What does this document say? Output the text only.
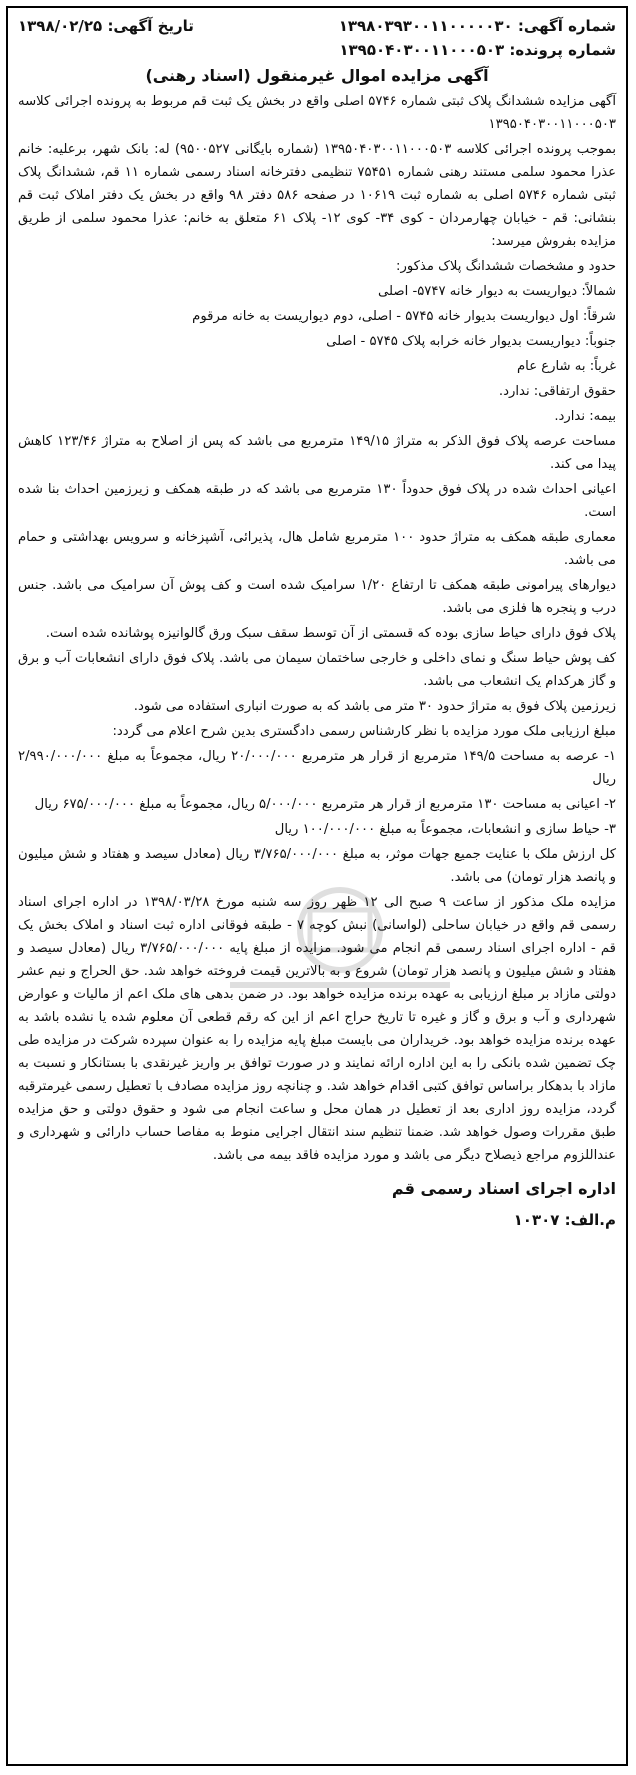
شماره آگهی: ۱۳۹۸۰۳۹۳۰۰۱۱۰۰۰۰۰۳۰
تاریخ آگهی: ۱۳۹۸/۰۲/۲۵
شماره پرونده: ۱۳۹۵۰۴۰۳۰۰۱۱۰۰۰۵۰۳
آگهی مزایده اموال غیرمنقول (اسناد رهنی)

آگهی مزایده ششدانگ پلاک ثبتی شماره ۵۷۴۶ اصلی واقع در بخش یک ثبت قم مربوط به پرونده اجرائی کلاسه ۱۳۹۵۰۴۰۳۰۰۱۱۰۰۰۵۰۳

بموجب پرونده اجرائی کلاسه ۱۳۹۵۰۴۰۳۰۰۱۱۰۰۰۵۰۳ (شماره بایگانی ۹۵۰۰۵۲۷) له: بانک شهر، برعلیه: خانم عذرا محمود سلمی مستند رهنی شماره ۷۵۴۵۱ تنظیمی دفترخانه اسناد رسمی شماره ۱۱ قم، ششدانگ پلاک ثبتی شماره ۵۷۴۶ اصلی به شماره ثبت ۱۰۶۱۹ در صفحه ۵۸۶ دفتر ۹۸ واقع در بخش یک دفتر املاک ثبت قم بنشانی: قم - خیابان چهارمردان - کوی ۳۴- کوی ۱۲- پلاک ۶۱ متعلق به خانم: عذرا محمود سلمی از طریق مزایده بفروش میرسد:

حدود و مشخصات ششدانگ پلاک مذکور:

شمالاً: دیواریست به دیوار خانه ۵۷۴۷- اصلی

شرقاً: اول دیواریست بدیوار خانه ۵۷۴۵ - اصلی، دوم دیواریست به خانه مرقوم

جنوباً: دیواریست بدیوار خانه خرابه پلاک ۵۷۴۵ - اصلی

غرباً: به شارع عام

حقوق ارتفاقی: ندارد.

بیمه: ندارد.

مساحت عرصه پلاک فوق الذکر به متراژ ۱۴۹/۱۵ مترمربع می باشد که پس از اصلاح به متراژ ۱۲۳/۴۶ کاهش پیدا می کند.

اعیانی احداث شده در پلاک فوق حدوداً ۱۳۰ مترمربع می باشد که در طبقه همکف و زیرزمین احداث بنا شده است.

معماری طبقه همکف به متراژ حدود ۱۰۰ مترمربع شامل هال، پذیرائی، آشپزخانه و سرویس بهداشتی و حمام می باشد.

دیوارهای پیرامونی طبقه همکف تا ارتفاع ۱/۲۰ سرامیک شده است و کف پوش آن سرامیک می باشد. جنس درب و پنجره ها فلزی می باشد.

پلاک فوق دارای حیاط سازی بوده که قسمتی از آن توسط سقف سبک ورق گالوانیزه پوشانده شده است.

کف پوش حیاط سنگ و نمای داخلی و خارجی ساختمان سیمان می باشد. پلاک فوق دارای انشعابات آب و برق و گاز هرکدام یک انشعاب می باشد.

زیرزمین پلاک فوق به متراژ حدود ۳۰ متر می باشد که به صورت انباری استفاده می شود.

مبلغ ارزیابی ملک مورد مزایده با نظر کارشناس رسمی دادگستری بدین شرح اعلام می گردد:

۱- عرصه به مساحت ۱۴۹/۵ مترمربع از قرار هر مترمربع ۲۰/۰۰۰/۰۰۰ ریال، مجموعاً به مبلغ ۲/۹۹۰/۰۰۰/۰۰۰ ریال

۲- اعیانی به مساحت ۱۳۰ مترمربع از قرار هر مترمربع ۵/۰۰۰/۰۰۰ ریال، مجموعاً به مبلغ ۶۷۵/۰۰۰/۰۰۰ ریال

۳- حیاط سازی و انشعابات، مجموعاً به مبلغ ۱۰۰/۰۰۰/۰۰۰ ریال

کل ارزش ملک با عنایت جمیع جهات موثر، به مبلغ ۳/۷۶۵/۰۰۰/۰۰۰ ریال (معادل سیصد و هفتاد و شش میلیون و پانصد هزار تومان) می باشد.

مزایده ملک مذکور از ساعت ۹ صبح الی ۱۲ ظهر روز سه شنبه مورخ ۱۳۹۸/۰۳/۲۸ در اداره اجرای اسناد رسمی قم واقع در خیابان ساحلی (لواسانی) نبش کوچه ۷ - طبقه فوقانی اداره ثبت اسناد و املاک بخش یک قم - اداره اجرای اسناد رسمی قم انجام می شود. مزایده از مبلغ پایه ۳/۷۶۵/۰۰۰/۰۰۰ ریال (معادل سیصد و هفتاد و شش میلیون و پانصد هزار تومان) شروع و به بالاترین قیمت فروخته خواهد شد. حق الحراج و نیم عشر دولتی مازاد بر مبلغ ارزیابی به عهده برنده مزایده خواهد بود. در ضمن بدهی های ملک اعم از مالیات و عوارض شهرداری و آب و برق و گاز و غیره تا تاریخ حراج اعم از این که رقم قطعی آن معلوم شده یا نشده باشد به عهده برنده مزایده خواهد بود. خریداران می بایست مبلغ پایه مزایده را به عنوان سپرده شرکت در مزایده طی چک تضمین شده بانکی را به این اداره ارائه نمایند و در صورت توافق بر واریز غیرنقدی با بستانکار و نسبت به مازاد با بدهکار براساس توافق کتبی اقدام خواهد شد. و چنانچه روز مزایده مصادف با تعطیل رسمی غیرمترقبه گردد، مزایده روز اداری بعد از تعطیل در همان محل و ساعت انجام می شود و حقوق دولتی و حق مزایده طبق مقررات وصول خواهد شد. ضمنا تنظیم سند انتقال اجرایی منوط به مفاصا حساب دارائی و شهرداری و عنداللزوم مراجع ذیصلاح دیگر می باشد و مورد مزایده فاقد بیمه می باشد.

اداره اجرای اسناد رسمی قم
م.الف: ۱۰۳۰۷
